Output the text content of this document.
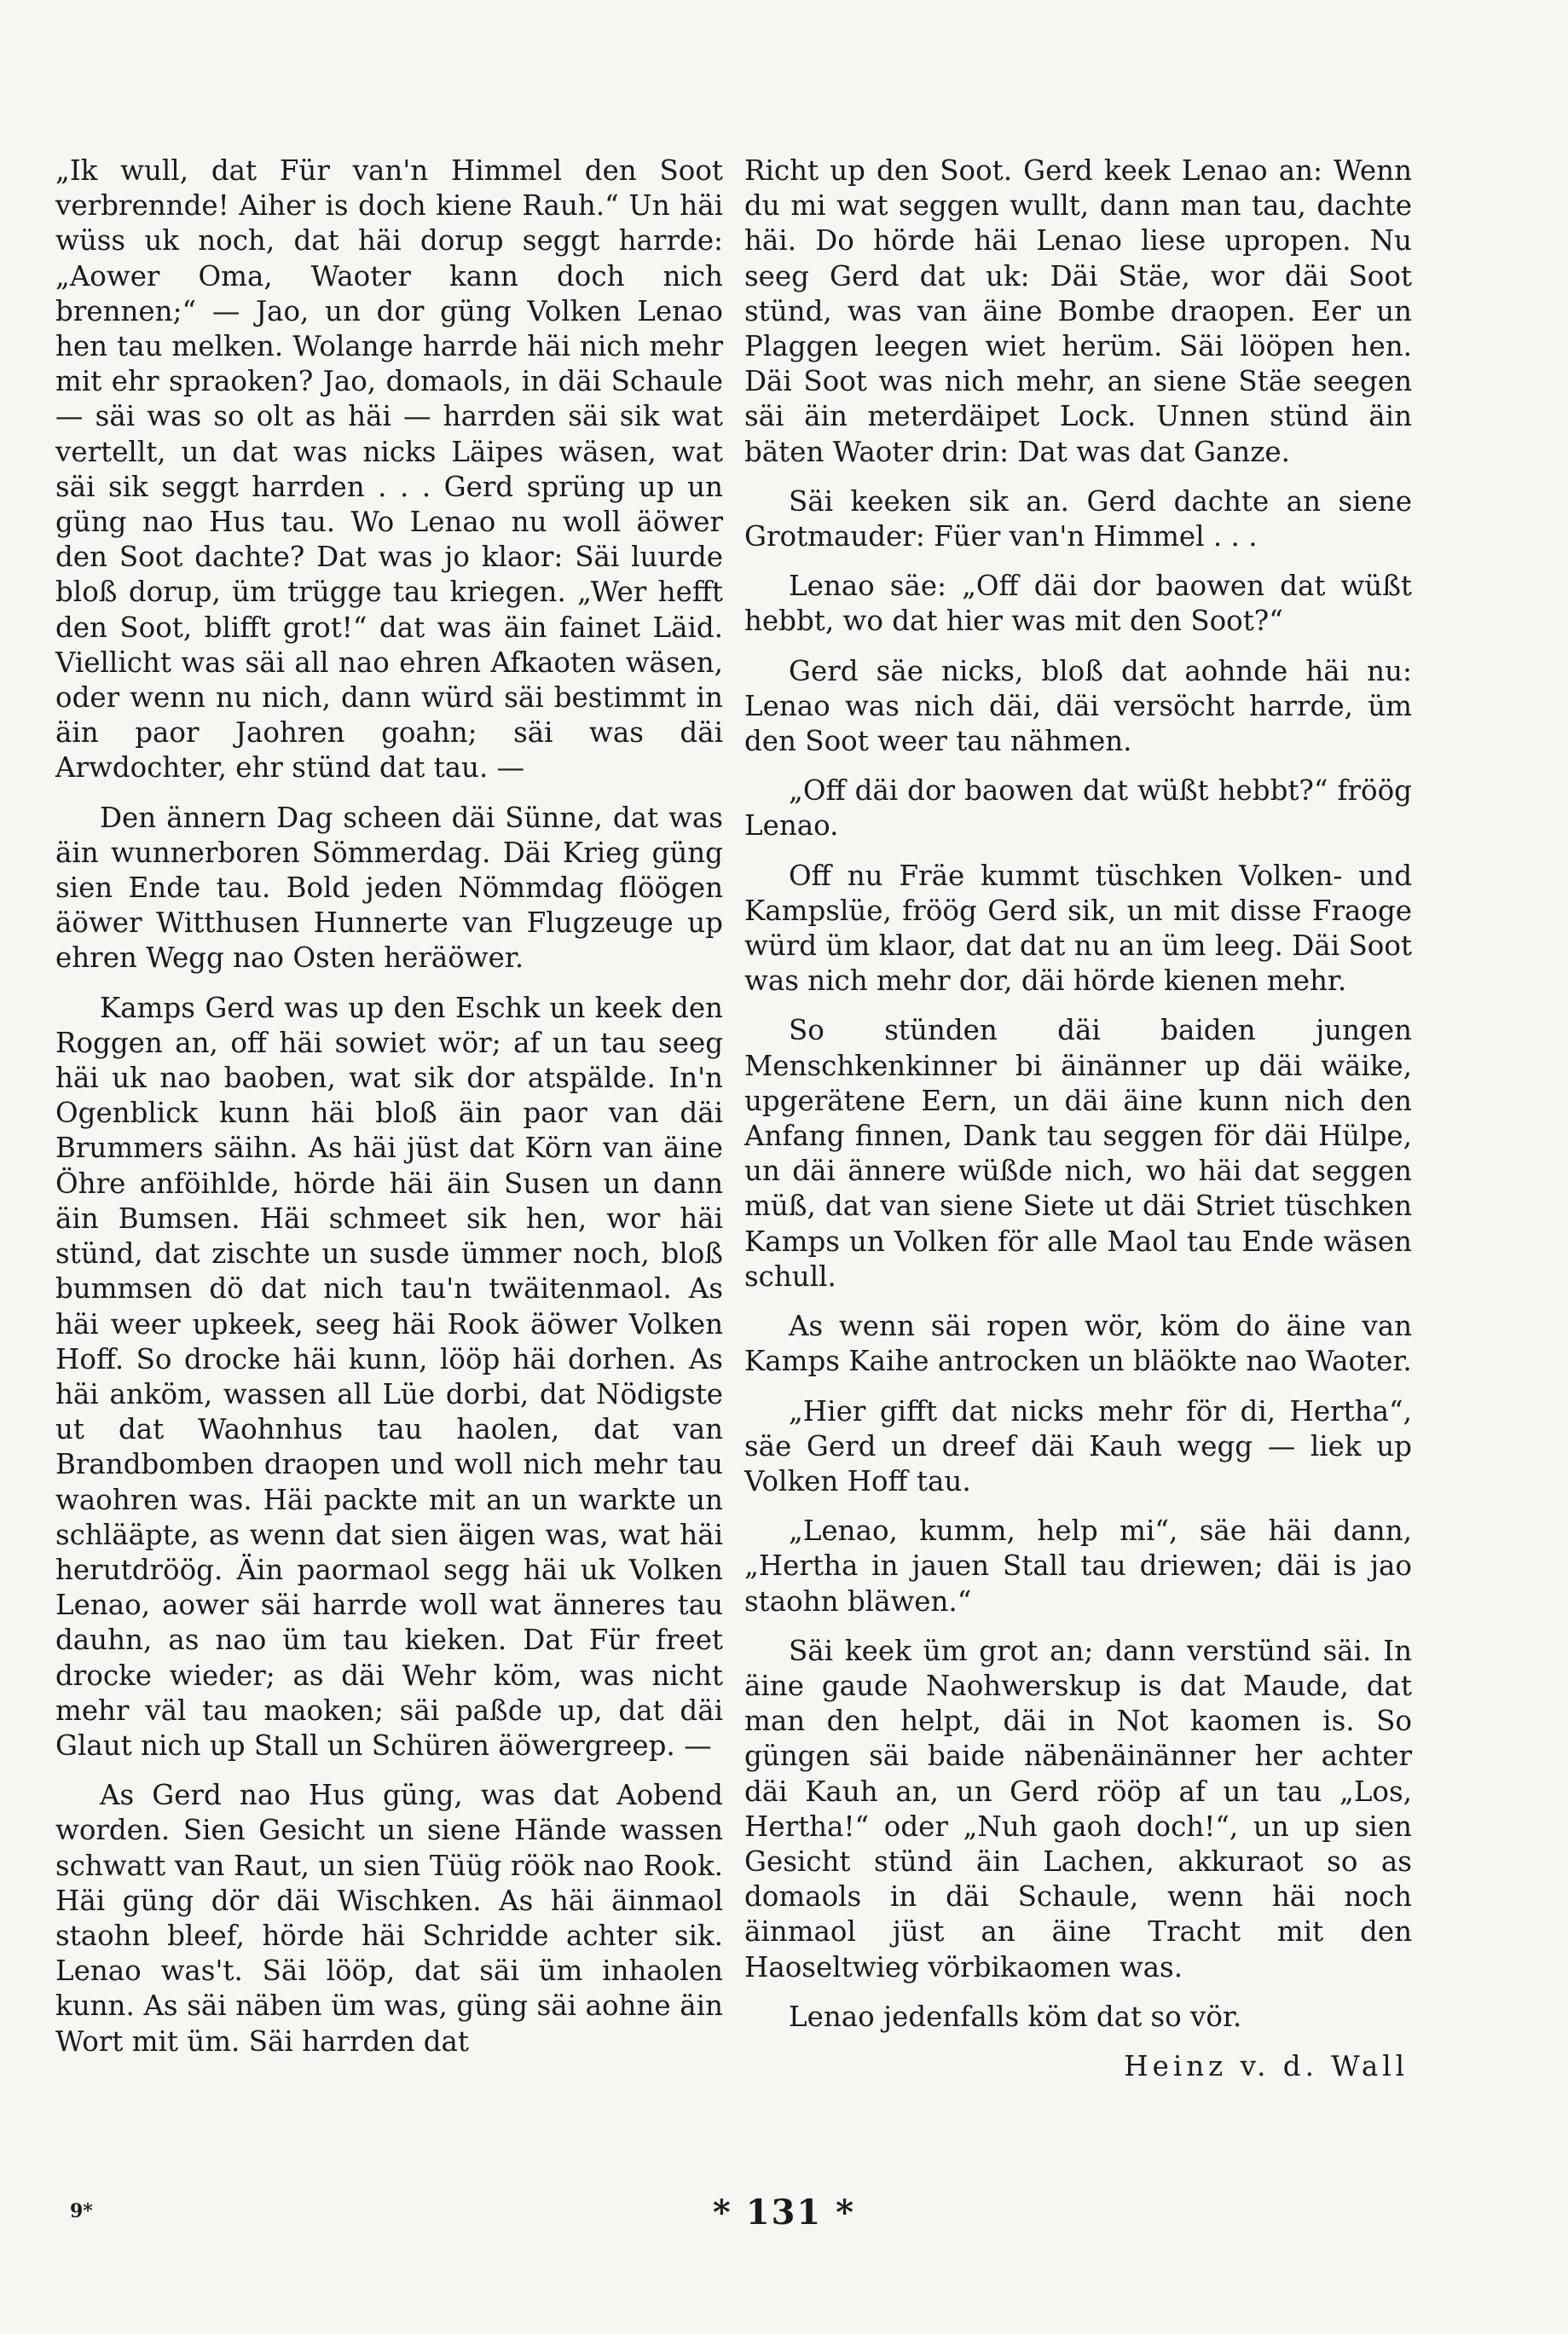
„Ik wull, dat Für van'n Himmel den Soot verbrennde! Aiher is doch kiene Rauh.“ Un häi wüss uk noch, dat häi dorup seggt harrde: „Aower Oma, Waoter kann doch nich brennen;“ — Jao, un dor güng Volken Lenao hen tau melken. Wolange harrde häi nich mehr mit ehr spraoken? Jao, domaols, in däi Schaule — säi was so olt as häi — harrden säi sik wat vertellt, un dat was nicks Läipes wäsen, wat säi sik seggt harrden . . . Gerd sprüng up un güng nao Hus tau. Wo Lenao nu woll äöwer den Soot dachte? Dat was jo klaor: Säi luurde bloß dorup, üm trügge tau kriegen. „Wer hefft den Soot, blifft grot!“ dat was äin fainet Läid. Vielli̇cht was säi all nao ehren Afkaoten wäsen, oder wenn nu nich, dann würd säi bestimmt in äin paor Jaohren goahn; säi was däi Arwdochter, ehr stünd dat tau. —

Den ännern Dag scheen däi Sünne, dat was äin wunnerboren Sömmerdag. Däi Krieg güng sien Ende tau. Bold jeden Nömmdag flöögen äöwer Witthusen Hunnerte van Flugzeuge up ehren Wegg nao Osten heräöwer.

Kamps Gerd was up den Eschk un keek den Roggen an, off häi sowiet wör; af un tau seeg häi uk nao baoben, wat sik dor atspälde. In'n Ogenblick kunn häi bloß äin paor van däi Brummers säihn. As häi jüst dat Körn van äine Öhre anföihlde, hörde häi äin Susen un dann äin Bumsen. Häi schmeet sik hen, wor häi stünd, dat zischte un susde ümmer noch, bloß bummsen dö dat nich tau'n twäitenmaol. As häi weer upkeek, seeg häi Rook äöwer Volken Hoff. So drocke häi kunn, lööp häi dorhen. As häi anköm, wassen all Lüe dorbi, dat Nödigste ut dat Waohnhus tau haolen, dat van Brandbomben draopen und woll nich mehr tau waohren was. Häi packte mit an un warkte un schlääpte, as wenn dat sien äigen was, wat häi herutdröög. Äin paormaol segg häi uk Volken Lenao, aower säi harrde woll wat änneres tau dauhn, as nao üm tau kieken. Dat Für freet drocke wieder; as däi Wehr köm, was nicht mehr väl tau maoken; säi paßde up, dat däi Glaut nich up Stall un Schüren äöwergreep. —

As Gerd nao Hus güng, was dat Aobend worden. Sien Gesicht un siene Hände wassen schwatt van Raut, un sien Tüüg röök nao Rook. Häi güng dör däi Wischken. As häi äinmaol staohn bleef, hörde häi Schridde achter sik. Lenao was't. Säi lööp, dat säi üm inhaolen kunn. As säi näben üm was, güng säi aohne äin Wort mit üm. Säi harrden dat

Richt up den Soot. Gerd keek Lenao an: Wenn du mi wat seggen wullt, dann man tau, dachte häi. Do hörde häi Lenao liese upropen. Nu seeg Gerd dat uk: Däi Stäe, wor däi Soot stünd, was van äine Bombe draopen. Eer un Plaggen leegen wiet herüm. Säi lööpen hen. Däi Soot was nich mehr, an siene Stäe seegen säi äin meterdäipet Lock. Unnen stünd äin bäten Waoter drin: Dat was dat Ganze.

Säi keeken sik an. Gerd dachte an siene Grotmauder: Füer van'n Himmel . . .

Lenao säe: „Off däi dor baowen dat wüßt hebbt, wo dat hier was mit den Soot?“

Gerd säe nicks, bloß dat aohnde häi nu: Lenao was nich däi, däi versöcht harrde, üm den Soot weer tau nähmen.

„Off däi dor baowen dat wüßt hebbt?“ fröög Lenao.

Off nu Fräe kummt tüschken Volken- und Kampslüe, fröög Gerd sik, un mit disse Fraoge würd üm klaor, dat dat nu an üm leeg. Däi Soot was nich mehr dor, däi hörde kienen mehr.

So stünden däi baiden jungen Menschkenkinner bi äinänner up däi wäike, upgerätene Eern, un däi äine kunn nich den Anfang finnen, Dank tau seggen för däi Hülpe, un däi ännere wüßde nich, wo häi dat seggen müß, dat van siene Siete ut däi Striet tüschken Kamps un Volken för alle Maol tau Ende wäsen schull.

As wenn säi ropen wör, köm do äine van Kamps Kaihe antrocken un bläökte nao Waoter.

„Hier gifft dat nicks mehr för di, Hertha“, säe Gerd un dreef däi Kauh wegg — liek up Volken Hoff tau.

„Lenao, kumm, help mi“, säe häi dann, „Hertha in jauen Stall tau driewen; däi is jao staohn bläwen.“

Säi keek üm grot an; dann verstünd säi. In äine gaude Naohwerskup is dat Maude, dat man den helpt, däi in Not kaomen is. So güngen säi baide näbenäinänner her achter däi Kauh an, un Gerd rööp af un tau „Los, Hertha!“ oder „Nuh gaoh doch!“, un up sien Gesicht stünd äin Lachen, akkuraot so as domaols in däi Schaule, wenn häi noch äinmaol jüst an äine Tracht mit den Haoseltwieg vörbikaomen was.

Lenao jedenfalls köm dat so vör.

Heinz v. d. Wall

9*	* 131 *
